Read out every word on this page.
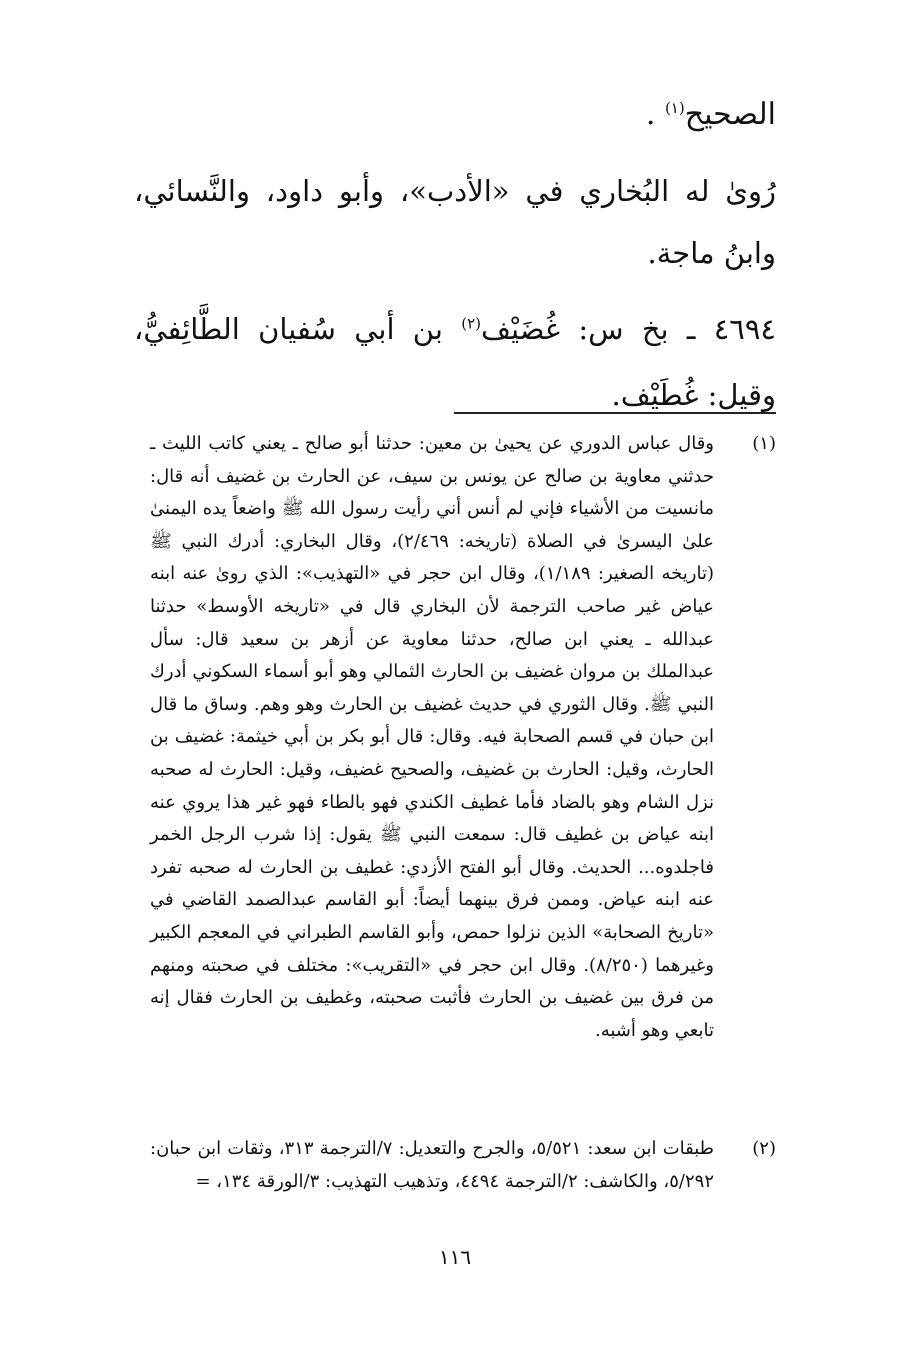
الصحيح$^{(١)}$ .

رُوىٰ له البُخاري في «الأدب»، وأبو داود، والنَّسائي، وابنُ ماجة.

٤٦٩٤ ـ بخ س: غُضَيْف$^{(٢)}$ بن أبي سُفيان الطَّائِفيُّ، وقيل: غُطَيْف.

(١)
وقال عباس الدوري عن يحيىٰ بن معين: حدثنا أبو صالح ـ يعني كاتب الليث ـ حدثني معاوية بن صالح عن يونس بن سيف، عن الحارث بن غضيف أنه قال: مانسيت من الأشياء فإني لم أنس أني رأيت رسول الله ﷺ واضعاً يده اليمنىٰ علىٰ اليسرىٰ في الصلاة (تاريخه: ٢/٤٦٩)، وقال البخاري: أدرك النبي ﷺ (تاريخه الصغير: ١/١٨٩)، وقال ابن حجر في «التهذيب»: الذي روىٰ عنه ابنه عياض غير صاحب الترجمة لأن البخاري قال في «تاريخه الأوسط» حدثنا عبدالله ـ يعني ابن صالح، حدثنا معاوية عن أزهر بن سعيد قال: سأل عبدالملك بن مروان غضيف بن الحارث الثمالي وهو أبو أسماء السكوني أدرك النبي ﷺ. وقال الثوري في حديث غضيف بن الحارث وهو وهم. وساق ما قال ابن حبان في قسم الصحابة فيه. وقال: قال أبو بكر بن أبي خيثمة: غضيف بن الحارث، وقيل: الحارث بن غضيف، والصحيح غضيف، وقيل: الحارث له صحبه نزل الشام وهو بالضاد فأما غطيف الكندي فهو بالطاء فهو غير هذا يروي عنه ابنه عياض بن غطيف قال: سمعت النبي ﷺ يقول: إذا شرب الرجل الخمر فاجلدوه... الحديث. وقال أبو الفتح الأزدي: غطيف بن الحارث له صحبه تفرد عنه ابنه عياض. وممن فرق بينهما أيضاً: أبو القاسم عبدالصمد القاضي في «تاريخ الصحابة» الذين نزلوا حمص، وأبو القاسم الطبراني في المعجم الكبير وغيرهما (٨/٢٥٠). وقال ابن حجر في «التقريب»: مختلف في صحبته ومنهم من فرق بين غضيف بن الحارث فأثبت صحبته، وغطيف بن الحارث فقال إنه تابعي وهو أشبه.
(٢)
طبقات ابن سعد: ٥/٥٢١، والجرح والتعديل: ٧/الترجمة ٣١٣، وثقات ابن حبان: ٥/٢٩٢، والكاشف: ٢/الترجمة ٤٤٩٤، وتذهيب التهذيب: ٣/الورقة ١٣٤، =
١١٦
